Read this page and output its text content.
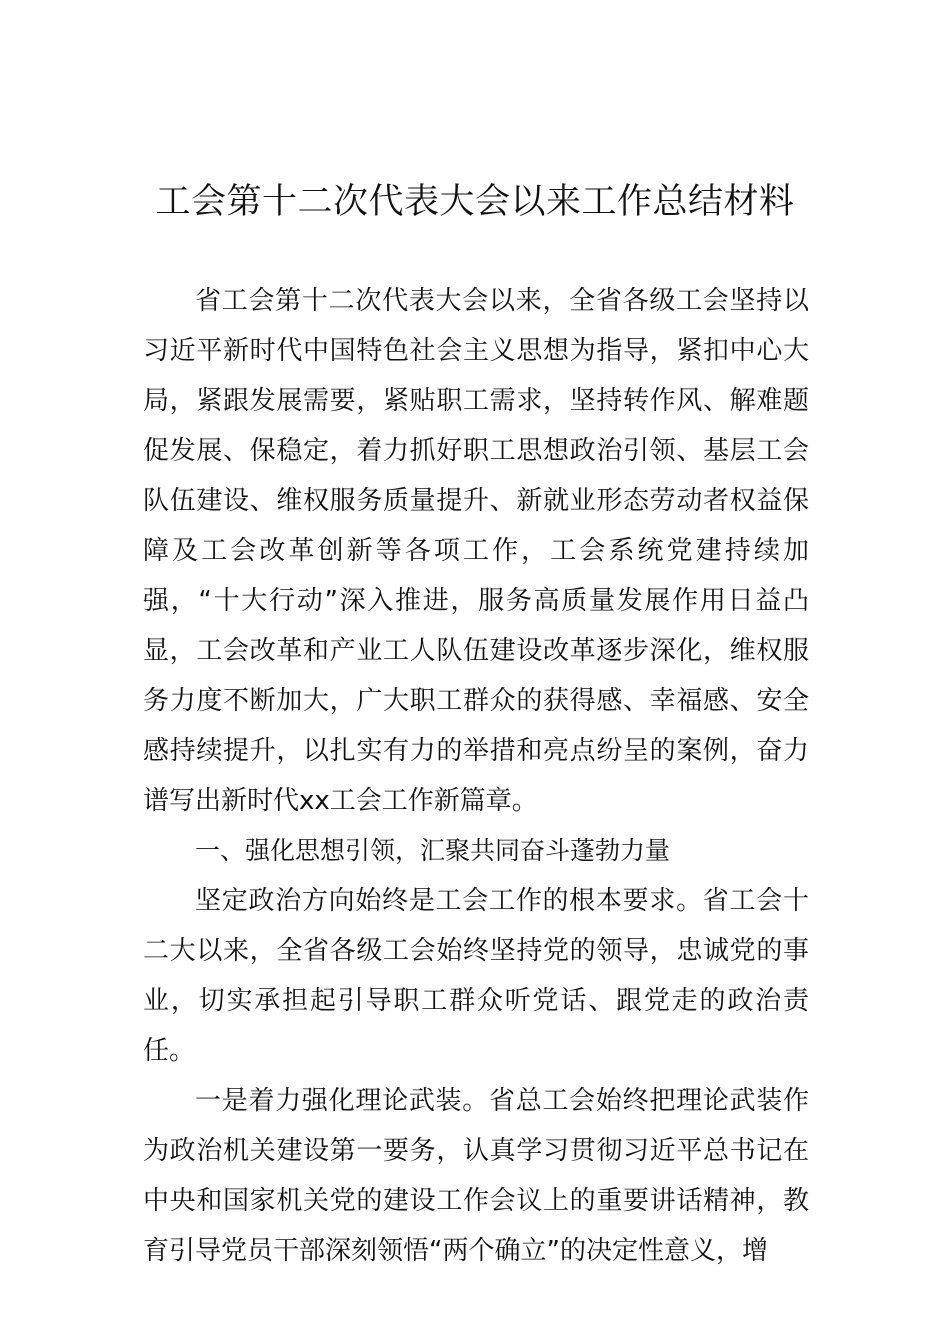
工会第十二次代表大会以来工作总结材料

省工会第十二次代表大会以来，全省各级工会坚持以习近平新时代中国特色社会主义思想为指导，紧扣中心大局，紧跟发展需要，紧贴职工需求，坚持转作风、解难题促发展、保稳定，着力抓好职工思想政治引领、基层工会队伍建设、维权服务质量提升、新就业形态劳动者权益保障及工会改革创新等各项工作，工会系统党建持续加强，“十大行动”深入推进，服务高质量发展作用日益凸显，工会改革和产业工人队伍建设改革逐步深化，维权服务力度不断加大，广大职工群众的获得感、幸福感、安全感持续提升，以扎实有力的举措和亮点纷呈的案例，奋力谱写出新时代xx工会工作新篇章。

一、强化思想引领，汇聚共同奋斗蓬勃力量

坚定政治方向始终是工会工作的根本要求。省工会十二大以来，全省各级工会始终坚持党的领导，忠诚党的事业，切实承担起引导职工群众听党话、跟党走的政治责任。

一是着力强化理论武装。省总工会始终把理论武装作为政治机关建设第一要务，认真学习贯彻习近平总书记在中央和国家机关党的建设工作会议上的重要讲话精神，教育引导党员干部深刻领悟“两个确立”的决定性意义，增
